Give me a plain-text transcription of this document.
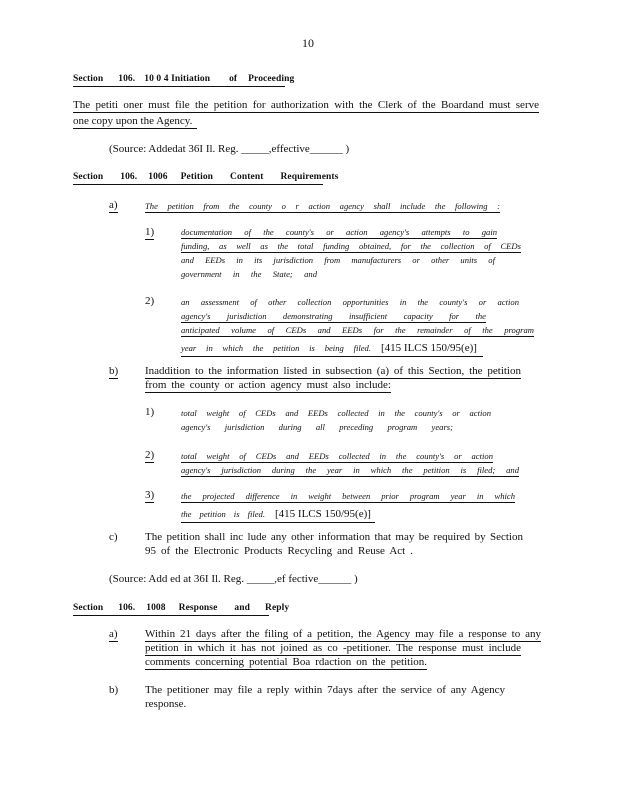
10
Section 106. 10 0 4 Initiation of Proceeding
The petiti oner must file the petition for authorization with the Clerk of the Boardand must serve
one copy upon the Agency.
(Source: Addedat 36I Il. Reg. _____,effective______ )
Section 106. 1006 Petition Content Requirements
a)	The petition from the county o r action agency shall include the following :
1)	documentation of the county's or action agency's attempts to gain
funding, as well as the total funding obtained, for the collection of CEDs
and EEDs in its jurisdiction from manufacturers or other units of
government in the State; and
2)	an assessment of other collection opportunities in the county's or action
agency's jurisdiction demonstrating insufficient capacity for the
anticipated volume of CEDs and EEDs for the remainder of the program
year in which the petition is being filed. [415 ILCS 150/95(e)]
b) Inaddition to the information listed in subsection (a) of this Section, the petition
from the county or action agency must also include:
1)	total weight of CEDs and EEDs collected in the county's or action
agency's jurisdiction during all preceding program years;
2)	total weight of CEDs and EEDs collected in the county's or action
agency's jurisdiction during the year in which the petition is filed; and
3)	the projected difference in weight between prior program year in which
the petition is filed. [415 ILCS 150/95(e)]
c) The petition shall inc lude any other information that may be required by Section
95 of the Electronic Products Recycling and Reuse Act .
(Source: Add ed at 36I Il. Reg. _____,ef fective______ )
Section 106. 1008 Response and Reply
a) Within 21 days after the filing of a petition, the Agency may file a response to any
petition in which it has not joined as co -petitioner. The response must include
comments concerning potential Boa rdaction on the petition.
b) The petitioner may file a reply within 7days after the service of any Agency
response.
